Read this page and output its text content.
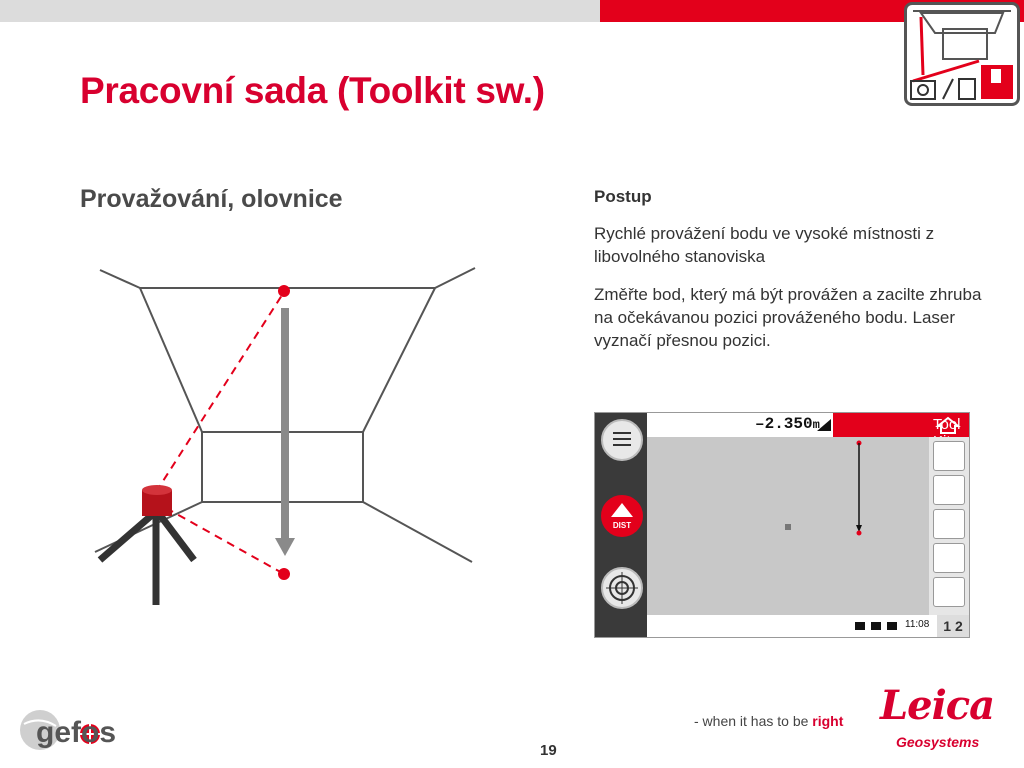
Pracovní sada (Toolkit sw.)
Provažování, olovnice	Postup
Rychlé provážení bodu ve vysoké místnosti z libovolného stanoviska
Změřte bod, který má být provážen a zacilte zhruba na očekávanou pozici prováženého bodu. Laser vyznačí přesnou pozici.
DIST
–2.350m	Tool
11:08 1 2
gefos	- when it has to be right Leica
Geosystems
19
